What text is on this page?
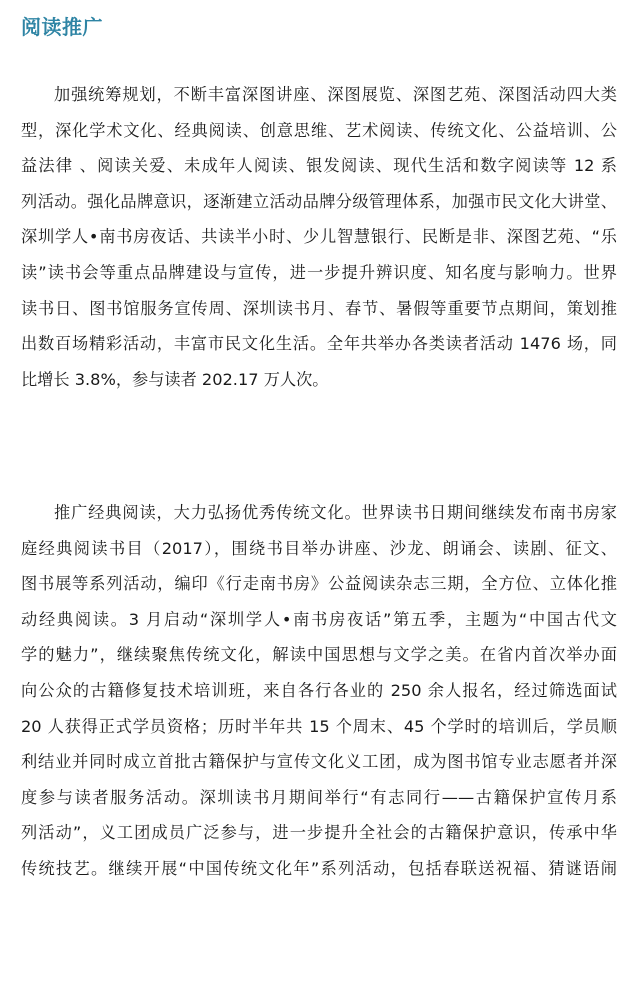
阅读推广
加强统筹规划，不断丰富深图讲座、深图展览、深图艺苑、深图活动四大类
型，深化学术文化、经典阅读、创意思维、艺术阅读、传统文化、公益培训、公
益法律 、阅读关爱、未成年人阅读、银发阅读、现代生活和数字阅读等 12 系
列活动。强化品牌意识，逐渐建立活动品牌分级管理体系，加强市民文化大讲堂、
深圳学人•南书房夜话、共读半小时、少儿智慧银行、民断是非、深图艺苑、“乐
读”读书会等重点品牌建设与宣传，进一步提升辨识度、知名度与影响力。世界
读书日、图书馆服务宣传周、深圳读书月、春节、暑假等重要节点期间，策划推
出数百场精彩活动，丰富市民文化生活。全年共举办各类读者活动 1476 场，同
比增长 3.8%，参与读者 202.17 万人次。
推广经典阅读，大力弘扬优秀传统文化。世界读书日期间继续发布南书房家
庭经典阅读书目（2017），围绕书目举办讲座、沙龙、朗诵会、读剧、征文、
图书展等系列活动，编印《行走南书房》公益阅读杂志三期，全方位、立体化推
动经典阅读。3 月启动“深圳学人•南书房夜话”第五季，主题为“中国古代文
学的魅力”，继续聚焦传统文化，解读中国思想与文学之美。在省内首次举办面
向公众的古籍修复技术培训班，来自各行各业的 250 余人报名，经过筛选面试
20 人获得正式学员资格；历时半年共 15 个周末、45 个学时的培训后，学员顺
利结业并同时成立首批古籍保护与宣传文化义工团，成为图书馆专业志愿者并深
度参与读者服务活动。深圳读书月期间举行“有志同行——古籍保护宣传月系
列活动”，义工团成员广泛参与，进一步提升全社会的古籍保护意识，传承中华
传统技艺。继续开展“中国传统文化年”系列活动，包括春联送祝福、猜谜语闹
